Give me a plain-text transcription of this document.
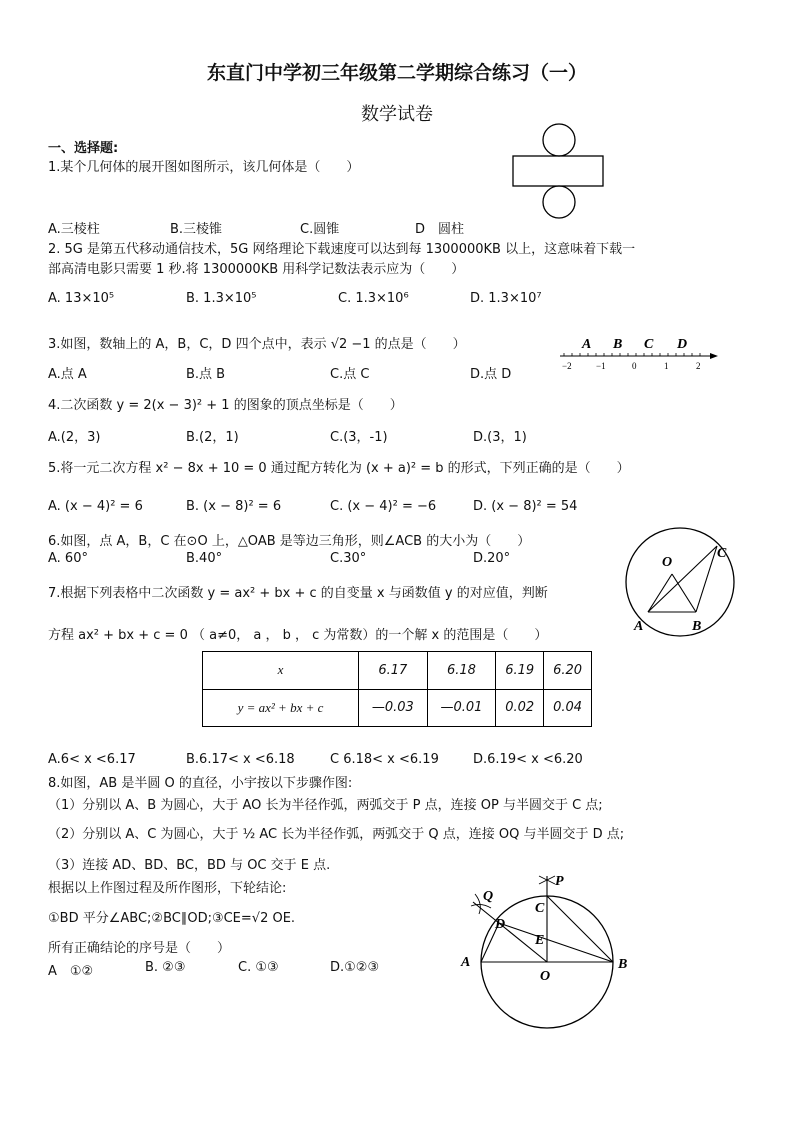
东直门中学初三年级第二学期综合练习（一）
数学试卷
一、选择题:
1.某个几何体的展开图如图所示，该几何体是（　　）
A.三棱柱	B.三棱锥	C.圆锥	D　圆柱
2. 5G 是第五代移动通信技术，5G 网络理论下载速度可以达到每 1300000KB 以上，这意味着下载一
部高清电影只需要 1 秒.将 1300000KB 用科学记数法表示应为（　　）
A. 13×10⁵	B. 1.3×10⁵	C. 1.3×10⁶	D. 1.3×10⁷
3.如图，数轴上的 A，B，C，D 四个点中，表示 √2 −1 的点是（　　）	A B C D
−2	−1	0	1	2
A.点 A	B.点 B	C.点 C	D.点 D
4.二次函数 y = 2(x − 3)² + 1 的图象的顶点坐标是（　　）
A.(2，3)	B.(2，1)	C.(3，-1)	D.(3，1)
5.将一元二次方程 x² − 8x + 10 = 0 通过配方转化为 (x + a)² = b 的形式，下列正确的是（　　）
A. (x − 4)² = 6	B. (x − 8)² = 6	C. (x − 4)² = −6	D. (x − 8)² = 54
6.如图，点 A，B，C 在⊙O 上，△OAB 是等边三角形，则∠ACB 的大小为（　　）
A. 60°	B.40°	C.30°	D.20°	O
C
A	B
7.根据下列表格中二次函数 y = ax² + bx + c 的自变量 x 与函数值 y 的对应值，判断
方程 ax² + bx + c = 0 （ a≠0， a ， b ， c 为常数）的一个解 x 的范围是（　　）
x	6.17	6.18	6.19	6.20
y = ax² + bx + c	—0.03	—0.01	0.02	0.04
A.6< x <6.17	B.6.17< x <6.18	C 6.18< x <6.19	D.6.19< x <6.20
8.如图，AB 是半圆 O 的直径，小宇按以下步骤作图:
（1）分别以 A、B 为圆心，大于 AO 长为半径作弧，两弧交于 P 点，连接 OP 与半圆交于 C 点;
（2）分别以 A、C 为圆心，大于 ½ AC 长为半径作弧，两弧交于 Q 点，连接 OQ 与半圆交于 D 点;
（3）连接 AD、BD、BC，BD 与 OC 交于 E 点.
根据以上作图过程及所作图形，下轮结论:
①BD 平分∠ABC;②BC∥OD;③CE=√2 OE.
所有正确结论的序号是（　　）
A　①②	B. ②③	C. ①③	D.①②③
Q
P
D
C
E
A
O
B
